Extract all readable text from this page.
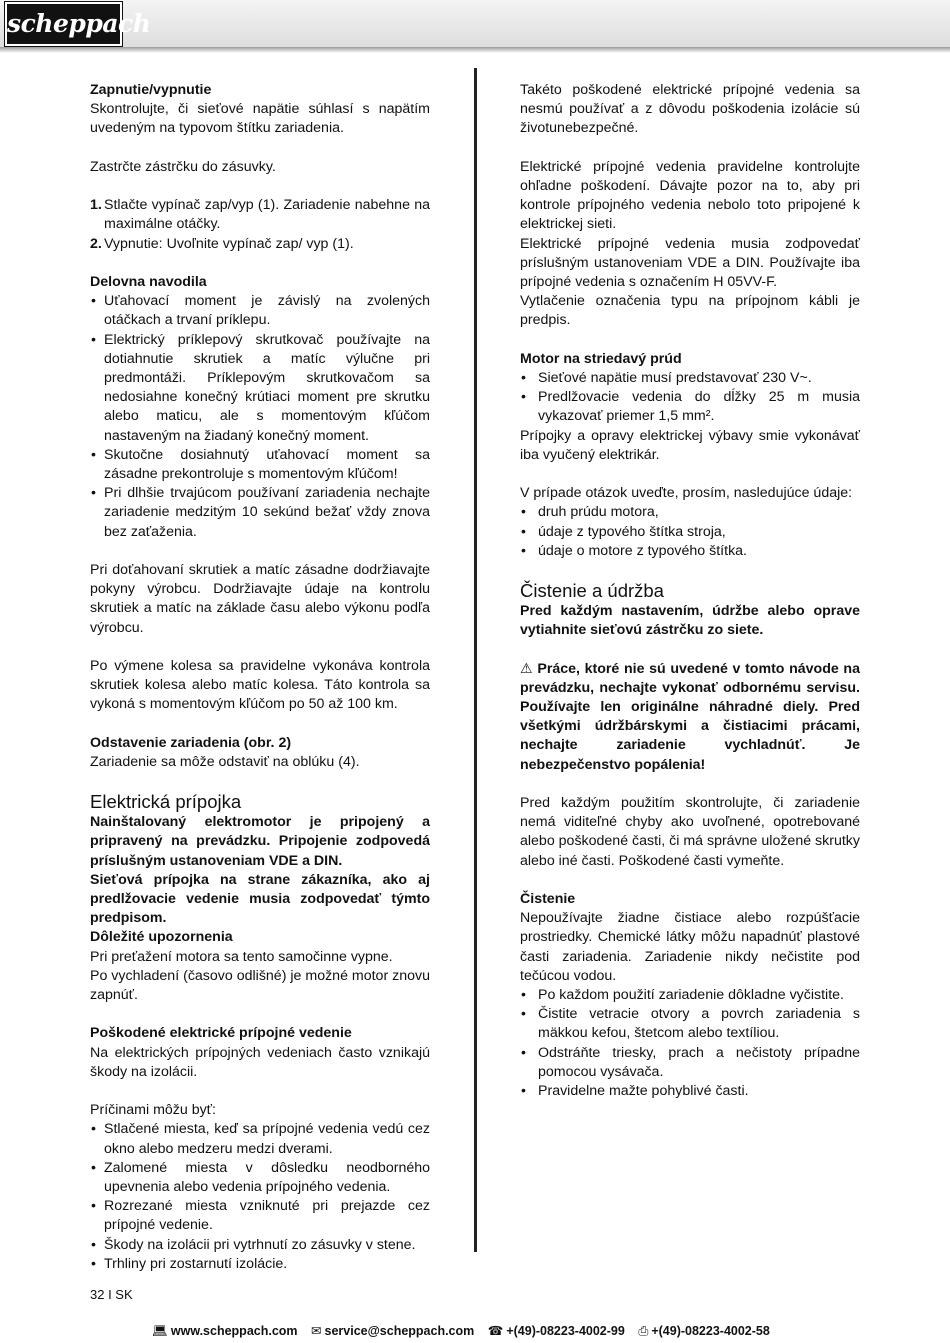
scheppach

Zapnutie/vypnutie

Skontrolujte, či sieťové napätie súhlasí s napätím uvedeným na typovom štítku zariadenia.

Zastrčte zástrčku do zásuvky.

1. Stlačte vypínač zap/vyp (1). Zariadenie nabehne na maximálne otáčky.
2. Vypnutie: Uvoľnite vypínač zap/ vyp (1).

Delovna navodila

• Uťahovací moment je závislý na zvolených otáčkach a trvaní príklepu.
• Elektrický príklepový skrutkovač používajte na dotiahnutie skrutiek a matíc výlučne pri predmontáži. Príklepovým skrutkovačom sa nedosiahne konečný krútiaci moment pre skrutku alebo maticu, ale s momentovým kľúčom nastaveným na žiadaný konečný moment.
• Skutočne dosiahnutý uťahovací moment sa zásadne prekontroluje s momentovým kľúčom!
• Pri dlhšie trvajúcom používaní zariadenia nechajte zariadenie medzitým 10 sekúnd bežať vždy znova bez zaťaženia.

Pri doťahovaní skrutiek a matíc zásadne dodržiavajte pokyny výrobcu. Dodržiavajte údaje na kontrolu skrutiek a matíc na základe času alebo výkonu podľa výrobcu.

Po výmene kolesa sa pravidelne vykonáva kontrola skrutiek kolesa alebo matíc kolesa. Táto kontrola sa vykoná s momentovým kľúčom po 50 až 100 km.

Odstavenie zariadenia (obr. 2)

Zariadenie sa môže odstaviť na oblúku (4).

Elektrická prípojka

Nainštalovaný elektromotor je pripojený a pripravený na prevádzku. Pripojenie zodpovedá príslušným ustanoveniam VDE a DIN.

Sieťová prípojka na strane zákazníka, ako aj predlžovacie vedenie musia zodpovedať týmto predpisom.

Dôležité upozornenia

Pri preťažení motora sa tento samočinne vypne.

Po vychladení (časovo odlišné) je možné motor znovu zapnúť.

Poškodené elektrické prípojné vedenie

Na elektrických prípojných vedeniach často vznikajú škody na izolácii.

Príčinami môžu byť:

• Stlačené miesta, keď sa prípojné vedenia vedú cez okno alebo medzeru medzi dverami.
• Zalomené miesta v dôsledku neodborného upevnenia alebo vedenia prípojného vedenia.
• Rozrezané miesta vzniknuté pri prejazde cez prípojné vedenie.
• Škody na izolácii pri vytrhnutí zo zásuvky v stene.
• Trhliny pri zostarnutí izolácie.

Takéto poškodené elektrické prípojné vedenia sa nesmú používať a z dôvodu poškodenia izolácie sú životunebezpečné.

Elektrické prípojné vedenia pravidelne kontrolujte ohľadne poškodení. Dávajte pozor na to, aby pri kontrole prípojného vedenia nebolo toto pripojené k elektrickej sieti.

Elektrické prípojné vedenia musia zodpovedať príslušným ustanoveniam VDE a DIN. Používajte iba prípojné vedenia s označením H 05VV-F.

Vytlačenie označenia typu na prípojnom kábli je predpis.

Motor na striedavý prúd

• Sieťové napätie musí predstavovať 230 V~.
• Predlžovacie vedenia do dĺžky 25 m musia vykazovať priemer 1,5 mm².

Prípojky a opravy elektrickej výbavy smie vykonávať iba vyučený elektrikár.

V prípade otázok uveďte, prosím, nasledujúce údaje:

• druh prúdu motora,
• údaje z typového štítka stroja,
• údaje o motore z typového štítka.

Čistenie a údržba

Pred každým nastavením, údržbe alebo oprave vytiahnite sieťovú zástrčku zo siete.

⚠ Práce, ktoré nie sú uvedené v tomto návode na prevádzku, nechajte vykonať odbornému servisu. Používajte len originálne náhradné diely. Pred všetkými údržbárskymi a čistiacimi prácami, nechajte zariadenie vychladnúť. Je nebezpečenstvo popálenia!

Pred každým použitím skontrolujte, či zariadenie nemá viditeľné chyby ako uvoľnené, opotrebované alebo poškodené časti, či má správne uložené skrutky alebo iné časti. Poškodené časti vymeňte.

Čistenie

Nepoužívajte žiadne čistiace alebo rozpúšťacie prostriedky. Chemické látky môžu napadnúť plastové časti zariadenia. Zariadenie nikdy nečistite pod tečúcou vodou.

• Po každom použití zariadenie dôkladne vyčistite.
• Čistite vetracie otvory a povrch zariadenia s mäkkou kefou, štetcom alebo textíliou.
• Odstráňte triesky, prach a nečistoty prípadne pomocou vysávača.
• Pravidelne mažte pohyblivé časti.
32 I SK
💻︎ www.scheppach.com ✉ service@scheppach.com ☎ +(49)-08223-4002-99 ⎙ +(49)-08223-4002-58
